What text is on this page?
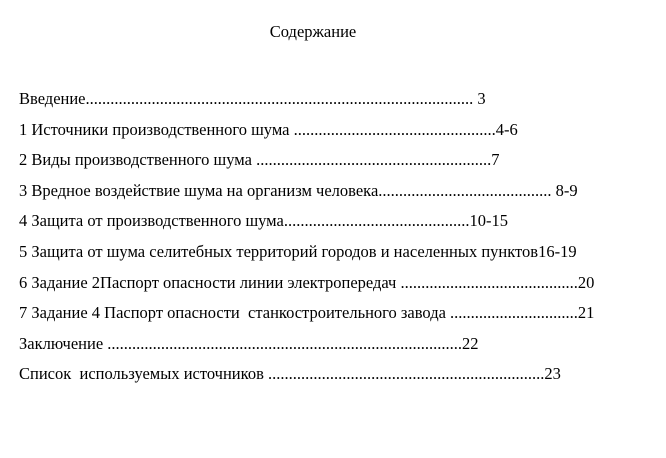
Содержание
Введение.............................................................................................. 3
1 Источники производственного шума .................................................4-6
2 Виды производственного шума .........................................................7
3 Вредное воздействие шума на организм человека.......................................... 8-9
4 Защита от производственного шума.............................................10-15
5 Защита от шума селитебных территорий городов и населенных пунктов16-19
6 Задание 2Паспорт опасности линии электропередач ...........................................20
7 Задание 4 Паспорт опасности  станкостроительного завода ...............................21
Заключение ......................................................................................22
Список  используемых источников ...................................................................23
